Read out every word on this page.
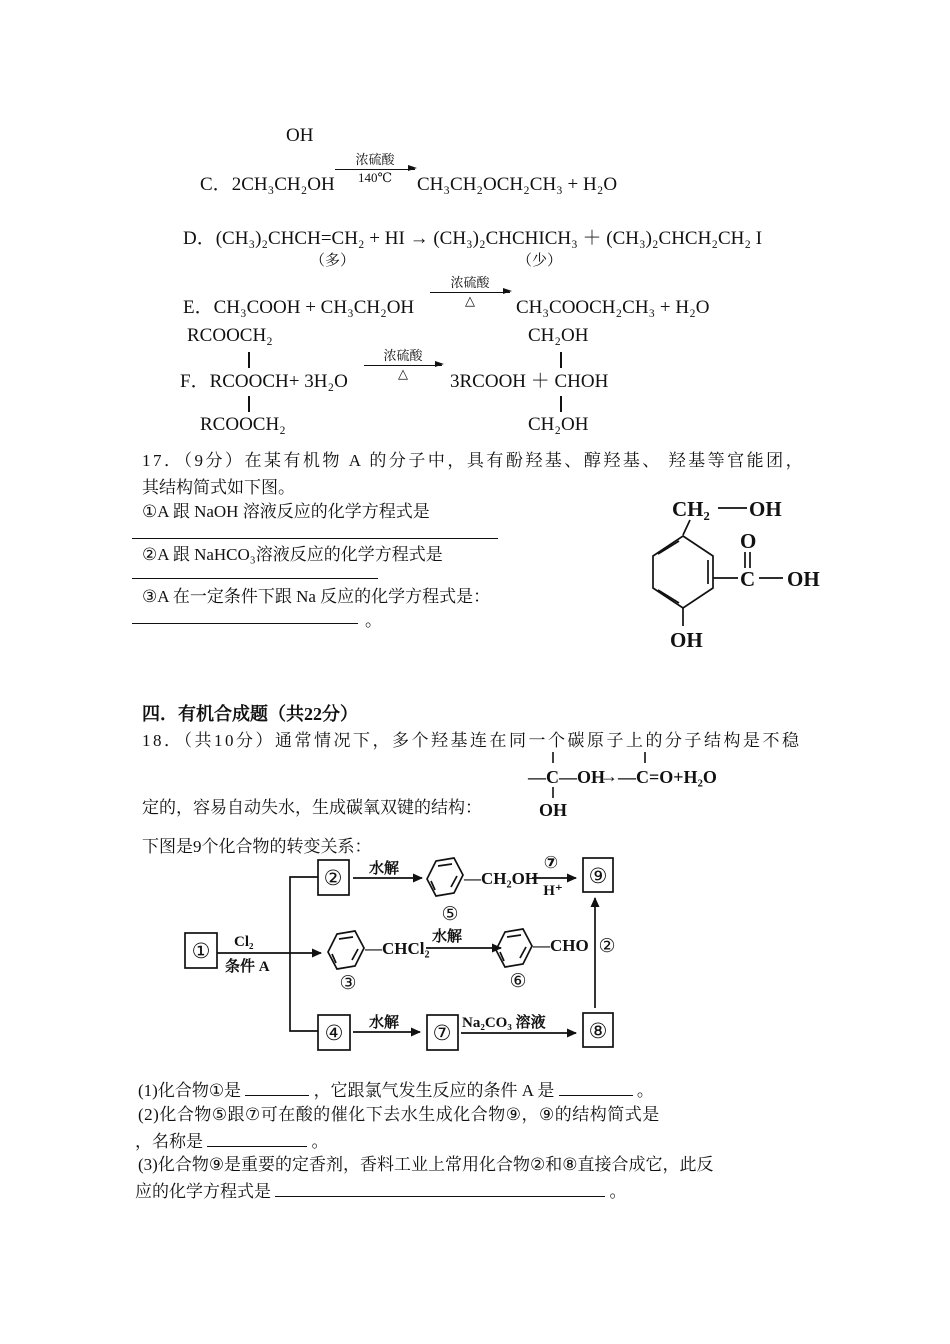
OH
C．2CH₃CH₂OH
浓硫酸
140℃ CH₃CH₂OCH₂CH₃ + H₂O
D．(CH₃)₂CHCH=CH₂ + HI → (CH₃)₂CHCHICH₃ ＋ (CH₃)₂CHCH₂CH₂ I
（多）	（少）
E．CH₃COOH + CH₃CH₂OH
浓硫酸
△ CH₃COOCH₂CH₃ + H₂O
RCOOCH₂	CH₂OH
F．RCOOCH+ 3H₂O
浓硫酸
△ 3RCOOH ＋ CHOH
RCOOCH₂	CH₂OH
17．（9分）在某有机物 A 的分子中，具有酚羟基、醇羟基、 羟基等官能团，
其结构简式如下图。
①A 跟 NaOH 溶液反应的化学方程式是
②A 跟 NaHCO₃溶液反应的化学方程式是
③A 在一定条件下跟 Na 反应的化学方程式是：
。
CH₂ OH
O
C OH
OH
四．有机合成题（共22分）
18．（共10分）通常情况下，多个羟基连在同一个碳原子上的分子结构是不稳
—C—OH
→ —C=O+H₂O
OH
定的，容易自动失水，生成碳氧双键的结构：
下图是9个化合物的转变关系：
②	⑨
①
④	⑦	⑧
⑤
③	⑥
②
水解
水解
水解
Cl₂
条件 A
⑦
H⁺
Na₂CO₃ 溶液
—CH₂OH
—CHCl₂	—CHO
(1)化合物①是	，它跟氯气发生反应的条件 A 是	。
(2)化合物⑤跟⑦可在酸的催化下去水生成化合物⑨，⑨的结构简式是
，名称是	。
(3)化合物⑨是重要的定香剂，香料工业上常用化合物②和⑧直接合成它，此反
应的化学方程式是	。
